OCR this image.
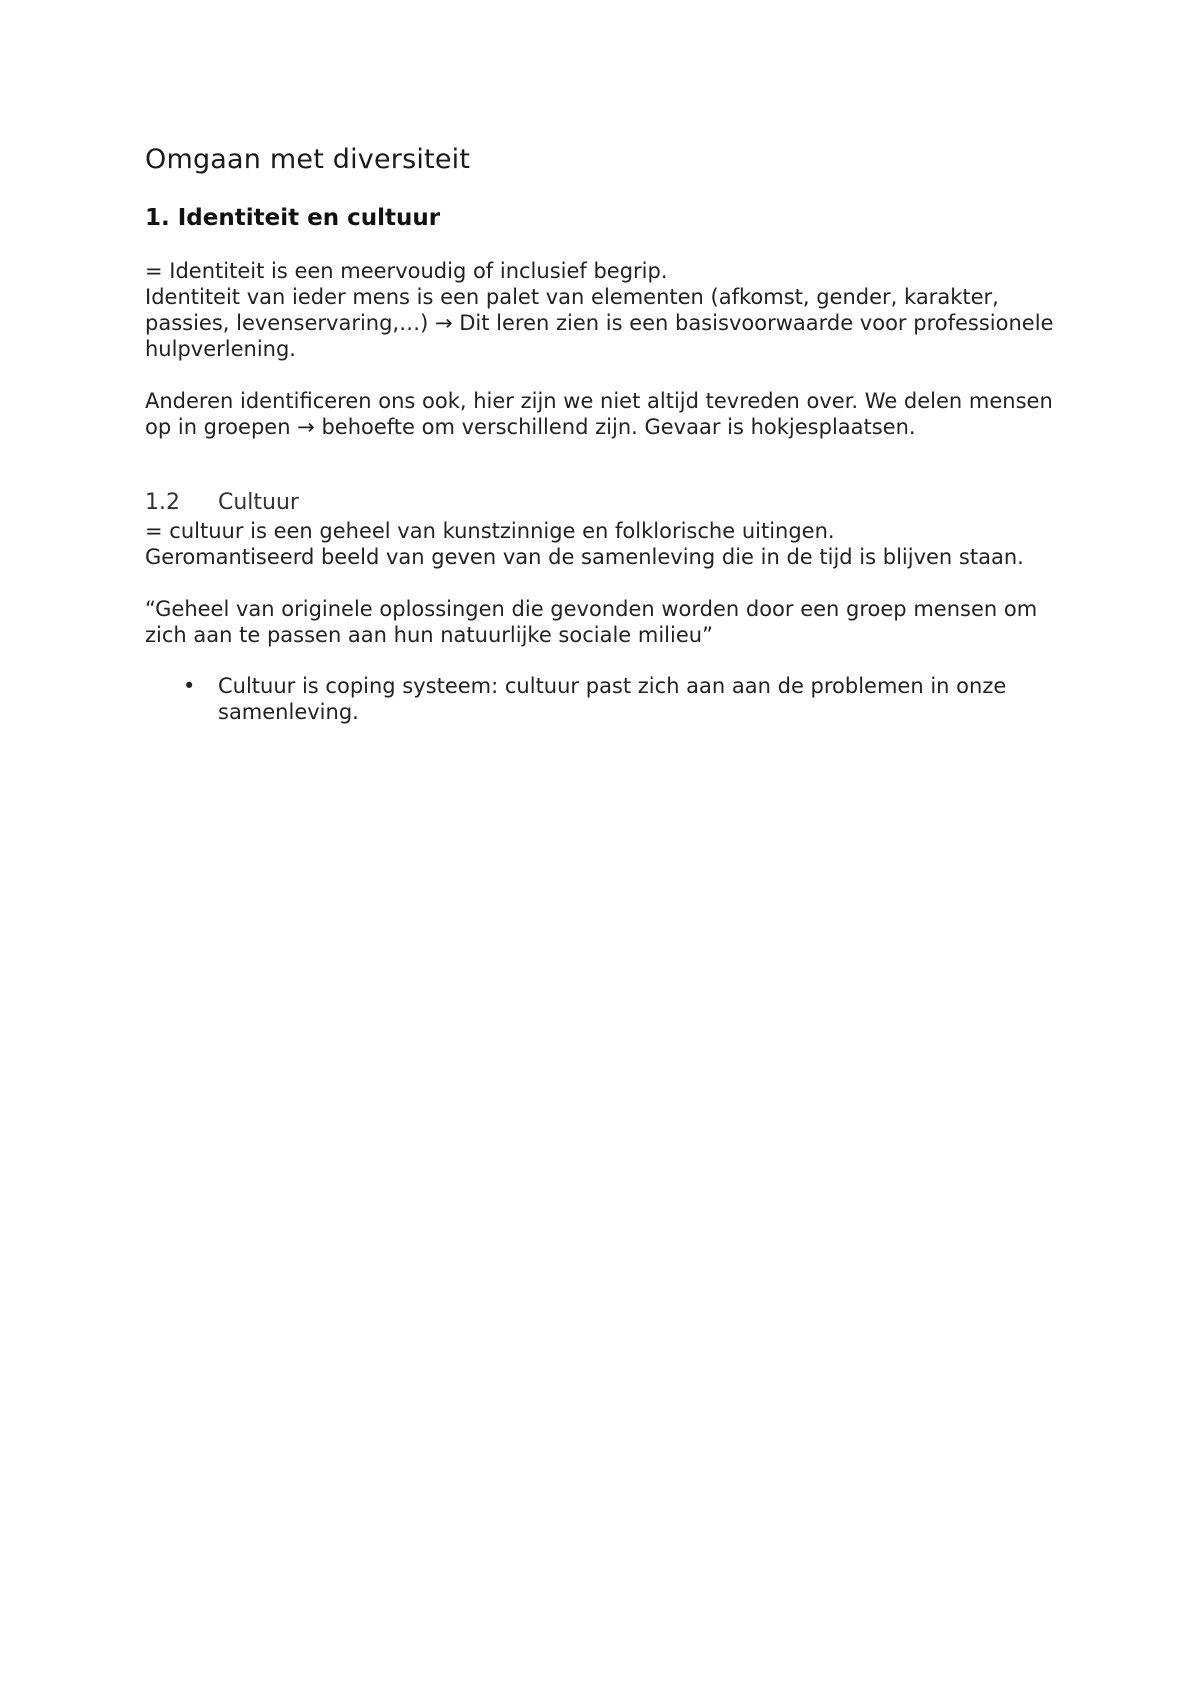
Omgaan met diversiteit
1. Identiteit en cultuur

= Identiteit is een meervoudig of inclusief begrip.

Identiteit van ieder mens is een palet van elementen (afkomst, gender, karakter, passies, levenservaring,…) → Dit leren zien is een basisvoorwaarde voor professionele hulpverlening.

Anderen identificeren ons ook, hier zijn we niet altijd tevreden over. We delen mensen op in groepen → behoefte om verschillend zijn. Gevaar is hokjesplaatsen.

1.2	Cultuur

= cultuur is een geheel van kunstzinnige en folklorische uitingen.

Geromantiseerd beeld van geven van de samenleving die in de tijd is blijven staan.

“Geheel van originele oplossingen die gevonden worden door een groep mensen om zich aan te passen aan hun natuurlijke sociale milieu”

•	Cultuur is coping systeem: cultuur past zich aan aan de problemen in onze samenleving.
